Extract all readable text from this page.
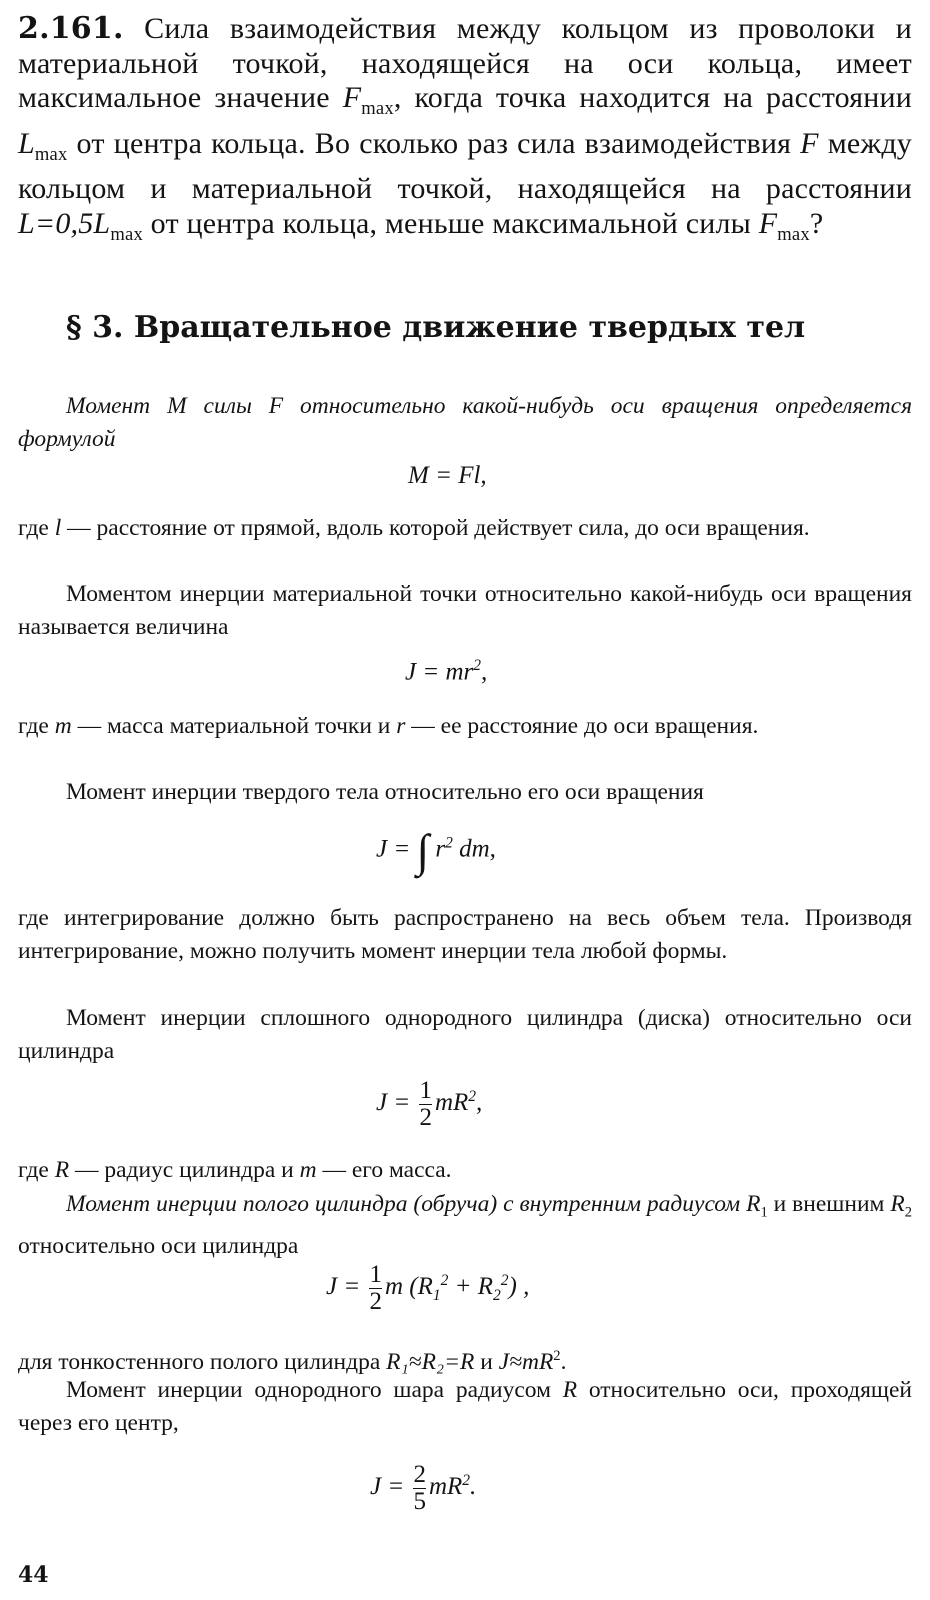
2.161. Сила взаимодействия между кольцом из проволоки и материальной точкой, находящейся на оси кольца, имеет максимальное значение $F_{max}$, когда точка находится на расстоянии $L_{max}$ от центра кольца. Во сколько раз сила взаимодействия F между кольцом и материальной точкой, находящейся на расстоянии $L=0,5L_{max}$ от центра кольца, меньше максимальной силы $F_{max}$?
§ 3. Вращательное движение твердых тел
Момент M силы F относительно какой-нибудь оси вращения определяется формулой
M = Fl,
где l — расстояние от прямой, вдоль которой действует сила, до оси вращения.
Моментом инерции материальной точки относительно какой-нибудь оси вращения называется величина
$J = mr^2$,
где m — масса материальной точки и r — ее расстояние до оси вращения.
Момент инерции твердого тела относительно его оси вращения
J = ∫ $r^2$ dm,
где интегрирование должно быть распространено на весь объем тела. Производя интегрирование, можно получить момент инерции тела любой формы.
Момент инерции сплошного однородного цилиндра (диска) относительно оси цилиндра
$J = \frac{1}{2} mR^2$,
где R — радиус цилиндра и m — его масса.
Момент инерции полого цилиндра (обруча) с внутренним радиусом $R_1$ и внешним $R_2$ относительно оси цилиндра
$J = \frac{1}{2}$ m $(R_1^2 + R_2^2)$ ,
для тонкостенного полого цилиндра R₁≈R₂=R и $J\approx mR^2$.
Момент инерции однородного шара радиусом R относительно оси, проходящей через его центр,
$J = \frac{2}{5} mR^2$.
44
